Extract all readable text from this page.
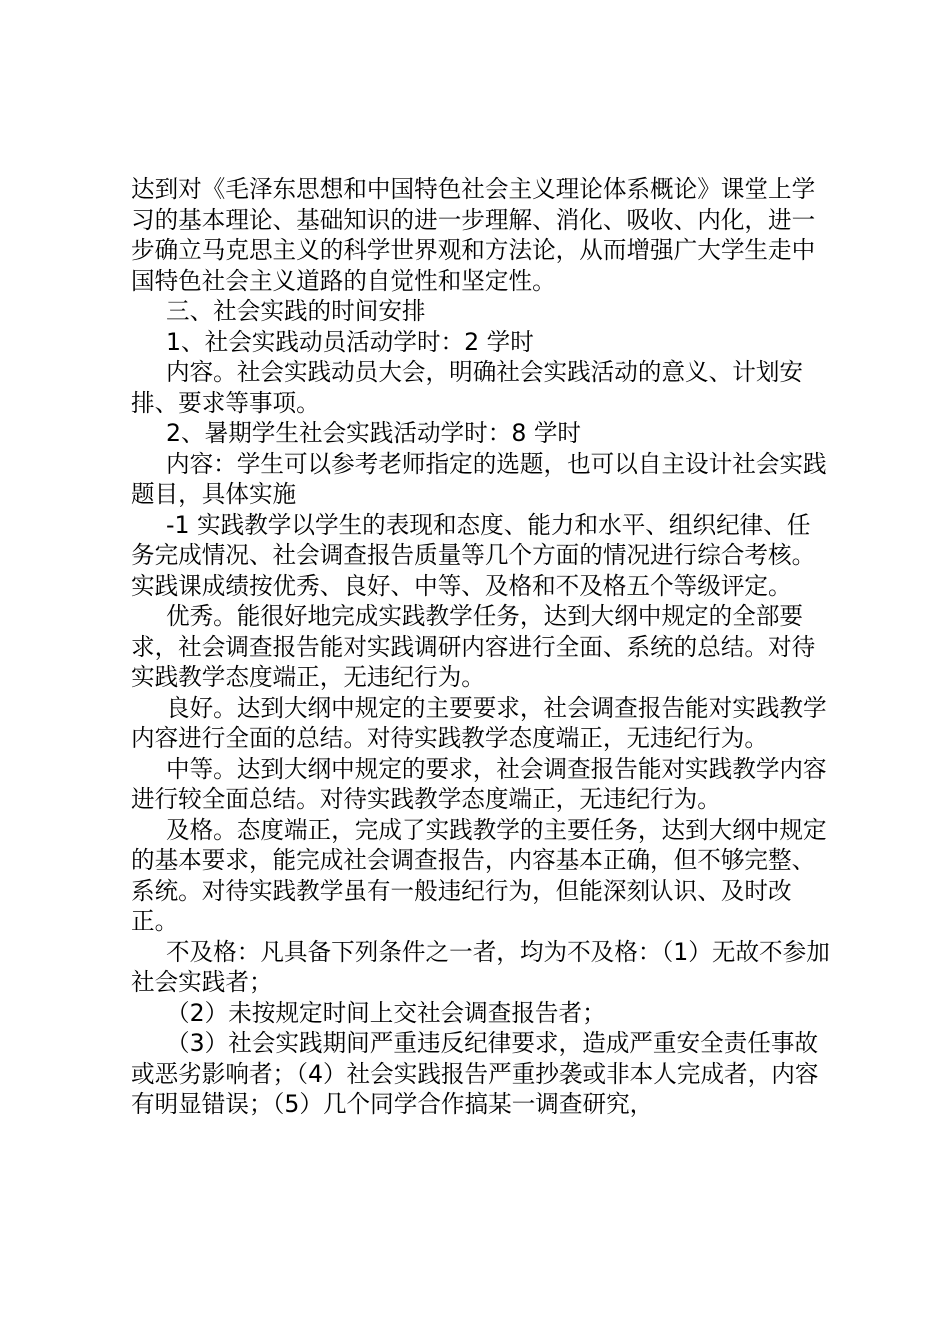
达到对《毛泽东思想和中国特色社会主义理论体系概论》课堂上学习的基本理论、基础知识的进一步理解、消化、吸收、内化，进一步确立马克思主义的科学世界观和方法论，从而增强广大学生走中国特色社会主义道路的自觉性和坚定性。

三、社会实践的时间安排

1、社会实践动员活动学时：2 学时

内容。社会实践动员大会，明确社会实践活动的意义、计划安排、要求等事项。

2、暑期学生社会实践活动学时：8 学时

内容：学生可以参考老师指定的选题，也可以自主设计社会实践题目，具体实施

-1 实践教学以学生的表现和态度、能力和水平、组织纪律、任务完成情况、社会调查报告质量等几个方面的情况进行综合考核。实践课成绩按优秀、良好、中等、及格和不及格五个等级评定。

优秀。能很好地完成实践教学任务，达到大纲中规定的全部要求，社会调查报告能对实践调研内容进行全面、系统的总结。对待实践教学态度端正，无违纪行为。

良好。达到大纲中规定的主要要求，社会调查报告能对实践教学内容进行全面的总结。对待实践教学态度端正，无违纪行为。

中等。达到大纲中规定的要求，社会调查报告能对实践教学内容进行较全面总结。对待实践教学态度端正，无违纪行为。

及格。态度端正，完成了实践教学的主要任务，达到大纲中规定的基本要求，能完成社会调查报告，内容基本正确，但不够完整、系统。对待实践教学虽有一般违纪行为，但能深刻认识、及时改正。

不及格：凡具备下列条件之一者，均为不及格：（1）无故不参加社会实践者；

（2）未按规定时间上交社会调查报告者；

（3）社会实践期间严重违反纪律要求，造成严重安全责任事故或恶劣影响者；（4）社会实践报告严重抄袭或非本人完成者，内容有明显错误；（5）几个同学合作搞某一调查研究，
